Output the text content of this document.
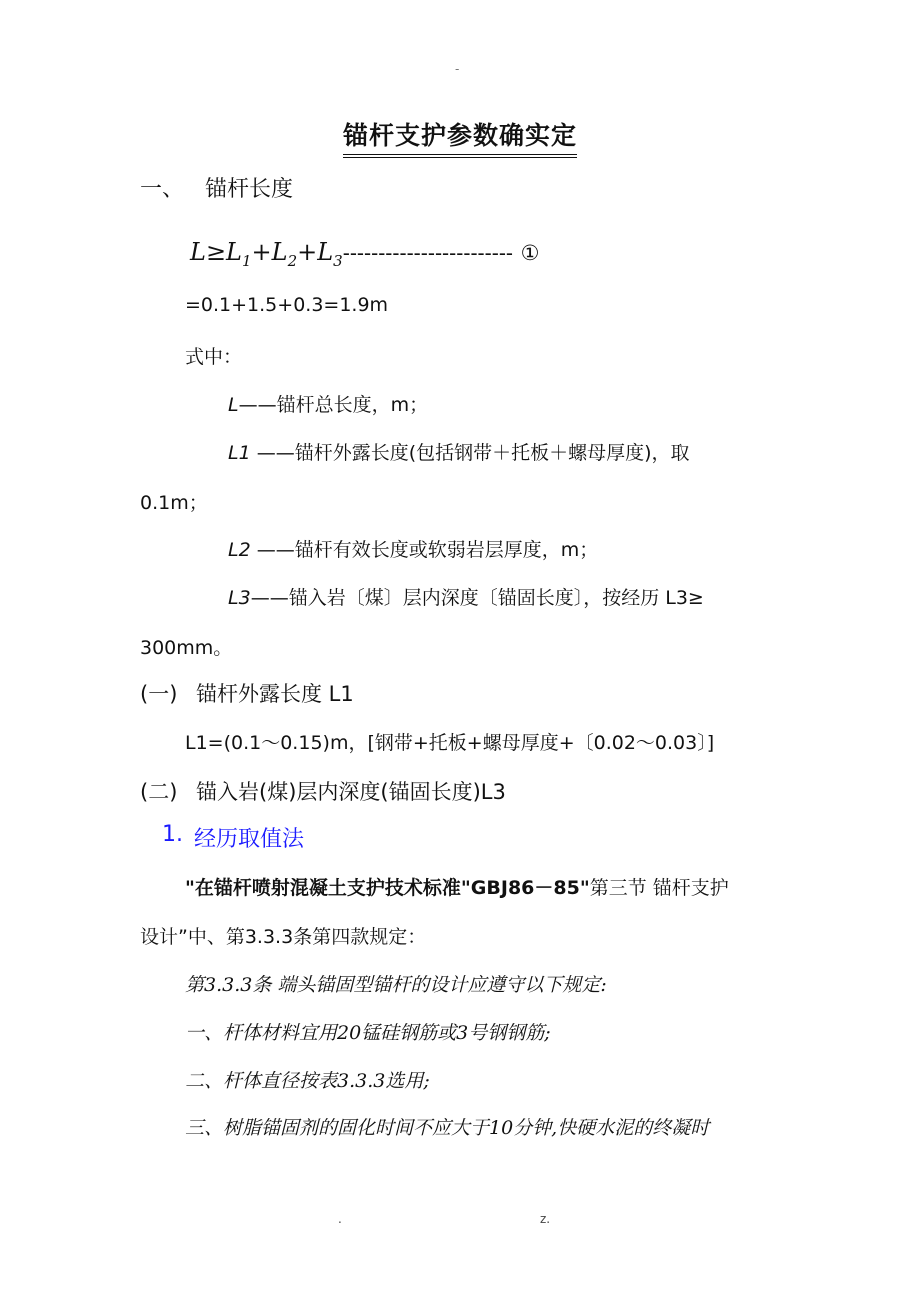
-
锚杆支护参数确实定
一、 锚杆长度
$L\ge L_1+L_2+L_3------------------------$ ①
=0.1+1.5+0.3=1.9m
式中：
L——锚杆总长度，m；
L1 ——锚杆外露长度(包括钢带＋托板＋螺母厚度)，取
0.1m；
L2 ——锚杆有效长度或软弱岩层厚度，m；
L3——锚入岩〔煤〕层内深度〔锚固长度〕，按经历 L3≥
300mm。
(一) 锚杆外露长度 L1
L1=(0.1～0.15)m，[钢带+托板+螺母厚度+〔0.02～0.03〕]
(二) 锚入岩(煤)层内深度(锚固长度)L3
1. 经历取值法
"在锚杆喷射混凝土支护技术标准"GBJ86－85"第三节 锚杆支护
设计”中、第3.3.3条第四款规定：
第3.3.3条 端头锚固型锚杆的设计应遵守以下规定:
一、杆体材料宜用20锰硅钢筋或3号钢钢筋;
二、杆体直径按表3.3.3选用;
三、树脂锚固剂的固化时间不应大于10分钟,快硬水泥的终凝时
.	z.
